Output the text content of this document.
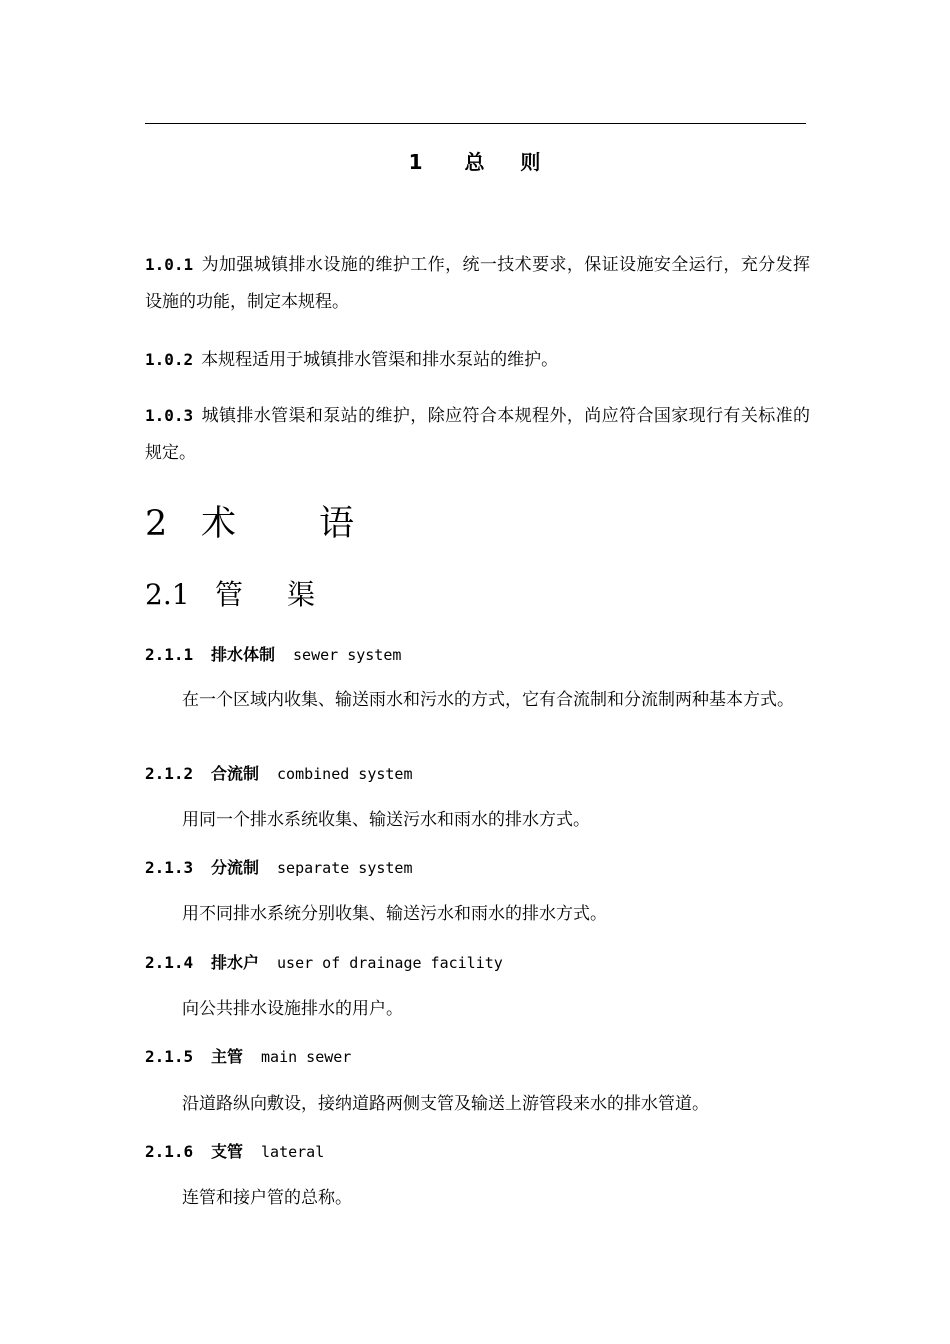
1 总 则

1.0.1 为加强城镇排水设施的维护工作，统一技术要求，保证设施安全运行，充分发挥设施的功能，制定本规程。

1.0.2 本规程适用于城镇排水管渠和排水泵站的维护。

1.0.3 城镇排水管渠和泵站的维护，除应符合本规程外，尚应符合国家现行有关标准的规定。

2 术 语
2.1 管 渠
2.1.1 排水体制 sewer system

在一个区域内收集、输送雨水和污水的方式，它有合流制和分流制两种基本方式。

2.1.2 合流制 combined system

用同一个排水系统收集、输送污水和雨水的排水方式。

2.1.3 分流制 separate system

用不同排水系统分别收集、输送污水和雨水的排水方式。

2.1.4 排水户 user of drainage facility

向公共排水设施排水的用户。

2.1.5 主管 main sewer

沿道路纵向敷设，接纳道路两侧支管及输送上游管段来水的排水管道。

2.1.6 支管 lateral

连管和接户管的总称。
